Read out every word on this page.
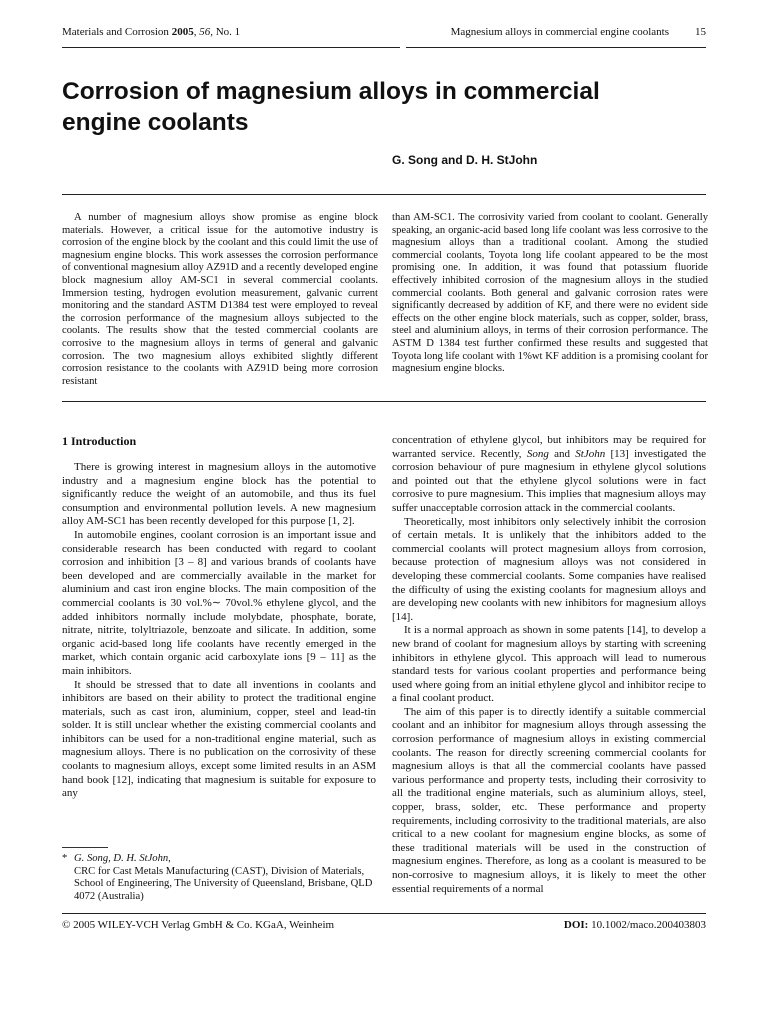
Materials and Corrosion 2005, 56, No. 1	Magnesium alloys in commercial engine coolants 15
Corrosion of magnesium alloys in commercial
engine coolants
G. Song and D. H. StJohn

A number of magnesium alloys show promise as engine block materials. However, a critical issue for the automotive industry is corrosion of the engine block by the coolant and this could limit the use of magnesium engine blocks. This work assesses the corrosion performance of conventional magnesium alloy AZ91D and a recently developed engine block magnesium alloy AM-SC1 in several commercial coolants. Immersion testing, hydrogen evolution measurement, galvanic current monitoring and the standard ASTM D1384 test were employed to reveal the corrosion performance of the magnesium alloys subjected to the coolants. The results show that the tested commercial coolants are corrosive to the magnesium alloys in terms of general and galvanic corrosion. The two magnesium alloys exhibited slightly different corrosion resistance to the coolants with AZ91D being more corrosion resistant

than AM-SC1. The corrosivity varied from coolant to coolant. Generally speaking, an organic-acid based long life coolant was less corrosive to the magnesium alloys than a traditional coolant. Among the studied commercial coolants, Toyota long life coolant appeared to be the most promising one. In addition, it was found that potassium fluoride effectively inhibited corrosion of the magnesium alloys in the studied commercial coolants. Both general and galvanic corrosion rates were significantly decreased by addition of KF, and there were no evident side effects on the other engine block materials, such as copper, solder, brass, steel and aluminium alloys, in terms of their corrosion performance. The ASTM D 1384 test further confirmed these results and suggested that Toyota long life coolant with 1%wt KF addition is a promising coolant for magnesium engine blocks.

1 Introduction

There is growing interest in magnesium alloys in the automotive industry and a magnesium engine block has the potential to significantly reduce the weight of an automobile, and thus its fuel consumption and environmental pollution levels. A new magnesium alloy AM-SC1 has been recently developed for this purpose [1, 2].

In automobile engines, coolant corrosion is an important issue and considerable research has been conducted with regard to coolant corrosion and inhibition [3 – 8] and various brands of coolants have been developed and are commercially available in the market for aluminium and cast iron engine blocks. The main composition of the commercial coolants is 30 vol.%∼ 70vol.% ethylene glycol, and the added inhibitors normally include molybdate, phosphate, borate, nitrate, nitrite, tolyltriazole, benzoate and silicate. In addition, some organic acid-based long life coolants have recently emerged in the market, which contain organic acid carboxylate ions [9 – 11] as the main inhibitors.

It should be stressed that to date all inventions in coolants and inhibitors are based on their ability to protect the traditional engine materials, such as cast iron, aluminium, copper, steel and lead-tin solder. It is still unclear whether the existing commercial coolants and inhibitors can be used for a non-traditional engine material, such as magnesium alloys. There is no publication on the corrosivity of these coolants to magnesium alloys, except some limited results in an ASM hand book [12], indicating that magnesium is suitable for exposure to any

concentration of ethylene glycol, but inhibitors may be required for warranted service. Recently, Song and StJohn [13] investigated the corrosion behaviour of pure magnesium in ethylene glycol solutions and pointed out that the ethylene glycol solutions were in fact corrosive to pure magnesium. This implies that magnesium alloys may suffer unacceptable corrosion attack in the commercial coolants.

Theoretically, most inhibitors only selectively inhibit the corrosion of certain metals. It is unlikely that the inhibitors added to the commercial coolants will protect magnesium alloys from corrosion, because protection of magnesium alloys was not considered in developing these commercial coolants. Some companies have realised the difficulty of using the existing coolants for magnesium alloys and are developing new coolants with new inhibitors for magnesium alloys [14].

It is a normal approach as shown in some patents [14], to develop a new brand of coolant for magnesium alloys by starting with screening inhibitors in ethylene glycol. This approach will lead to numerous standard tests for various coolant properties and performance being used where going from an initial ethylene glycol and inhibitor recipe to a final coolant product.

The aim of this paper is to directly identify a suitable commercial coolant and an inhibitor for magnesium alloys through assessing the corrosion performance of magnesium alloys in existing commercial coolants. The reason for directly screening commercial coolants for magnesium alloys is that all the commercial coolants have passed various performance and property tests, including their corrosivity to all the traditional engine materials, such as aluminium alloys, steel, copper, brass, solder, etc. These performance and property requirements, including corrosivity to the traditional materials, are also critical to a new coolant for magnesium engine blocks, as some of these traditional materials will be used in the construction of magnesium engines. Therefore, as long as a coolant is measured to be non-corrosive to magnesium alloys, it is likely to meet the other essential requirements of a normal

* G. Song, D. H. StJohn,
CRC for Cast Metals Manufacturing (CAST), Division of Materials, School of Engineering, The University of Queensland, Brisbane, QLD 4072 (Australia)
© 2005 WILEY-VCH Verlag GmbH & Co. KGaA, Weinheim	DOI: 10.1002/maco.200403803
